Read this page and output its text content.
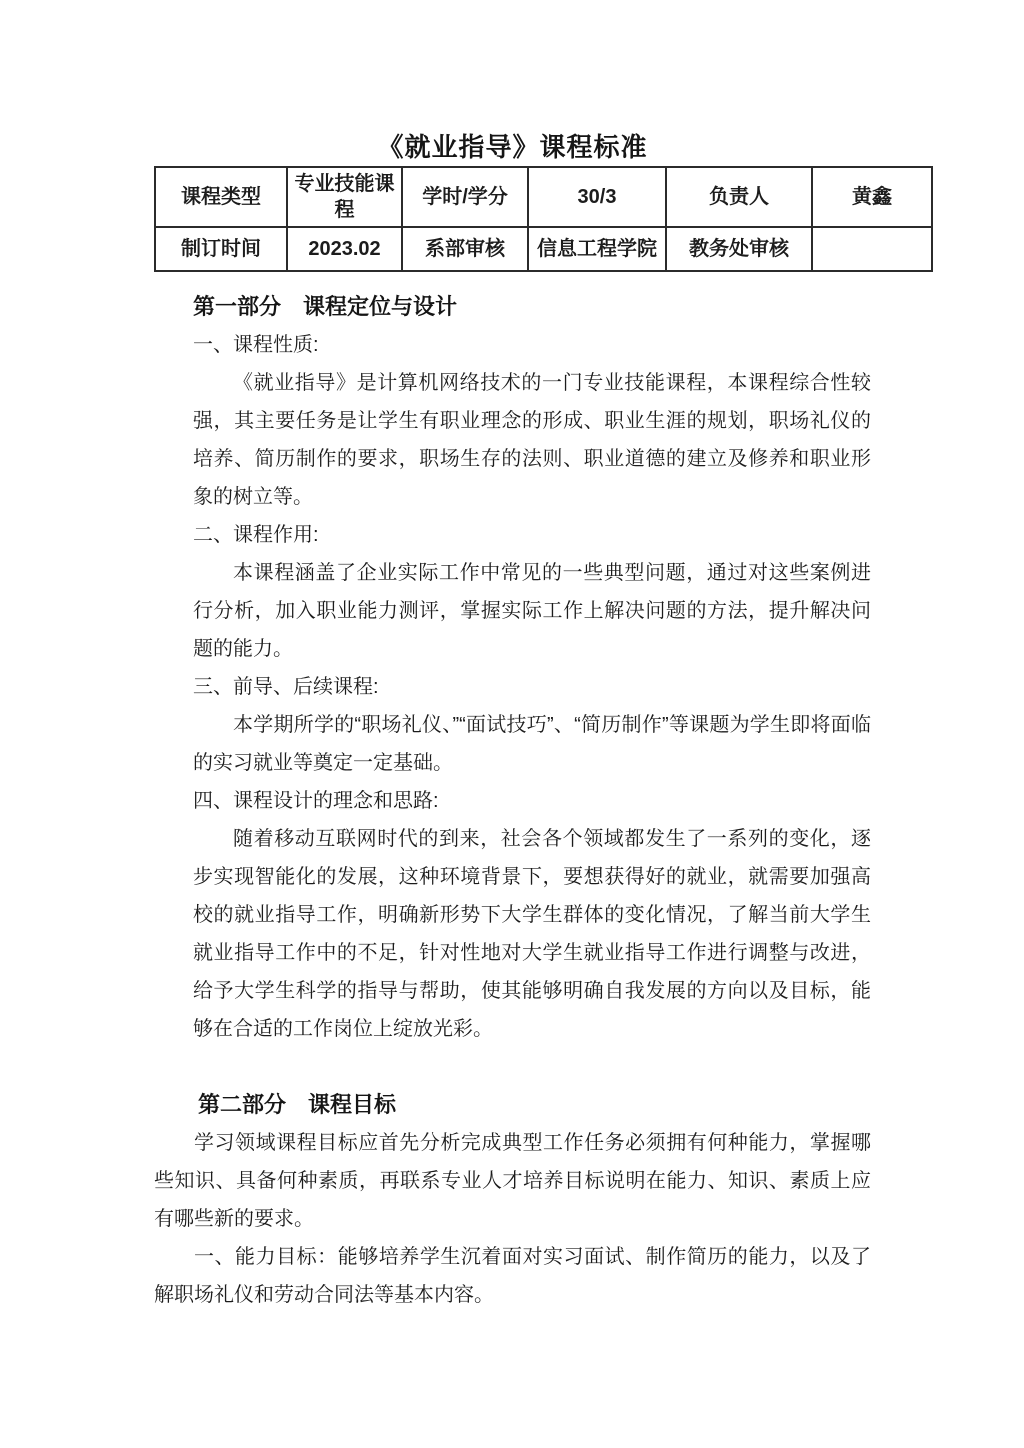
《就业指导》课程标准
课程类型	专业技能课程	学时/学分	30/3	负责人	黄鑫
制订时间	2023.02	系部审核	信息工程学院	教务处审核	
第一部分　课程定位与设计

一、课程性质:

《就业指导》是计算机网络技术的一门专业技能课程，本课程综合性较强，其主要任务是让学生有职业理念的形成、职业生涯的规划，职场礼仪的培养、简历制作的要求，职场生存的法则、职业道德的建立及修养和职业形象的树立等。

二、课程作用:

本课程涵盖了企业实际工作中常见的一些典型问题，通过对这些案例进行分析，加入职业能力测评，掌握实际工作上解决问题的方法，提升解决问题的能力。

三、前导、后续课程:

本学期所学的“职场礼仪、”“面试技巧”、“简历制作”等课题为学生即将面临的实习就业等奠定一定基础。

四、课程设计的理念和思路:

随着移动互联网时代的到来，社会各个领域都发生了一系列的变化，逐步实现智能化的发展，这种环境背景下，要想获得好的就业，就需要加强高校的就业指导工作，明确新形势下大学生群体的变化情况，了解当前大学生就业指导工作中的不足，针对性地对大学生就业指导工作进行调整与改进，给予大学生科学的指导与帮助，使其能够明确自我发展的方向以及目标，能够在合适的工作岗位上绽放光彩。

第二部分　课程目标

学习领域课程目标应首先分析完成典型工作任务必须拥有何种能力，掌握哪些知识、具备何种素质，再联系专业人才培养目标说明在能力、知识、素质上应有哪些新的要求。

一、能力目标：能够培养学生沉着面对实习面试、制作简历的能力，以及了解职场礼仪和劳动合同法等基本内容。
